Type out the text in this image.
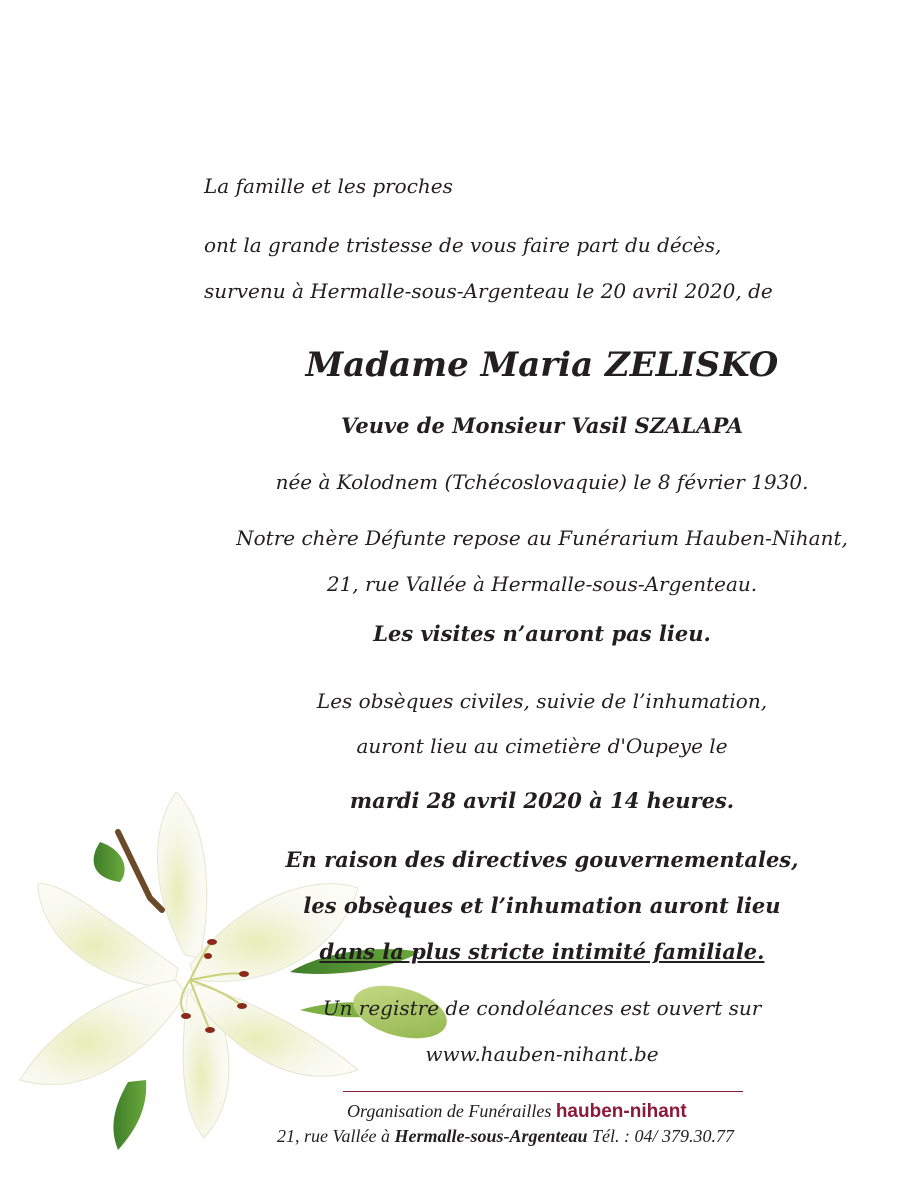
La famille et les proches
ont la grande tristesse de vous faire part du décès,
survenu à Hermalle-sous-Argenteau le 20 avril 2020, de
Madame Maria ZELISKO
Veuve de Monsieur Vasil SZALAPA
née à Kolodnem (Tchécoslovaquie) le 8 février 1930.
Notre chère Défunte repose au Funérarium Hauben-Nihant,
21, rue Vallée à Hermalle-sous-Argenteau.
Les visites n’auront pas lieu.
Les obsèques civiles, suivie de l’inhumation,
auront lieu au cimetière d'Oupeye le
mardi 28 avril 2020 à 14 heures.
En raison des directives gouvernementales,
les obsèques et l’inhumation auront lieu
dans la plus stricte intimité familiale.
Un registre de condoléances est ouvert sur
www.hauben-nihant.be
Organisation de Funérailles hauben-nihant
21, rue Vallée à Hermalle-sous-Argenteau Tél. : 04/ 379.30.77
